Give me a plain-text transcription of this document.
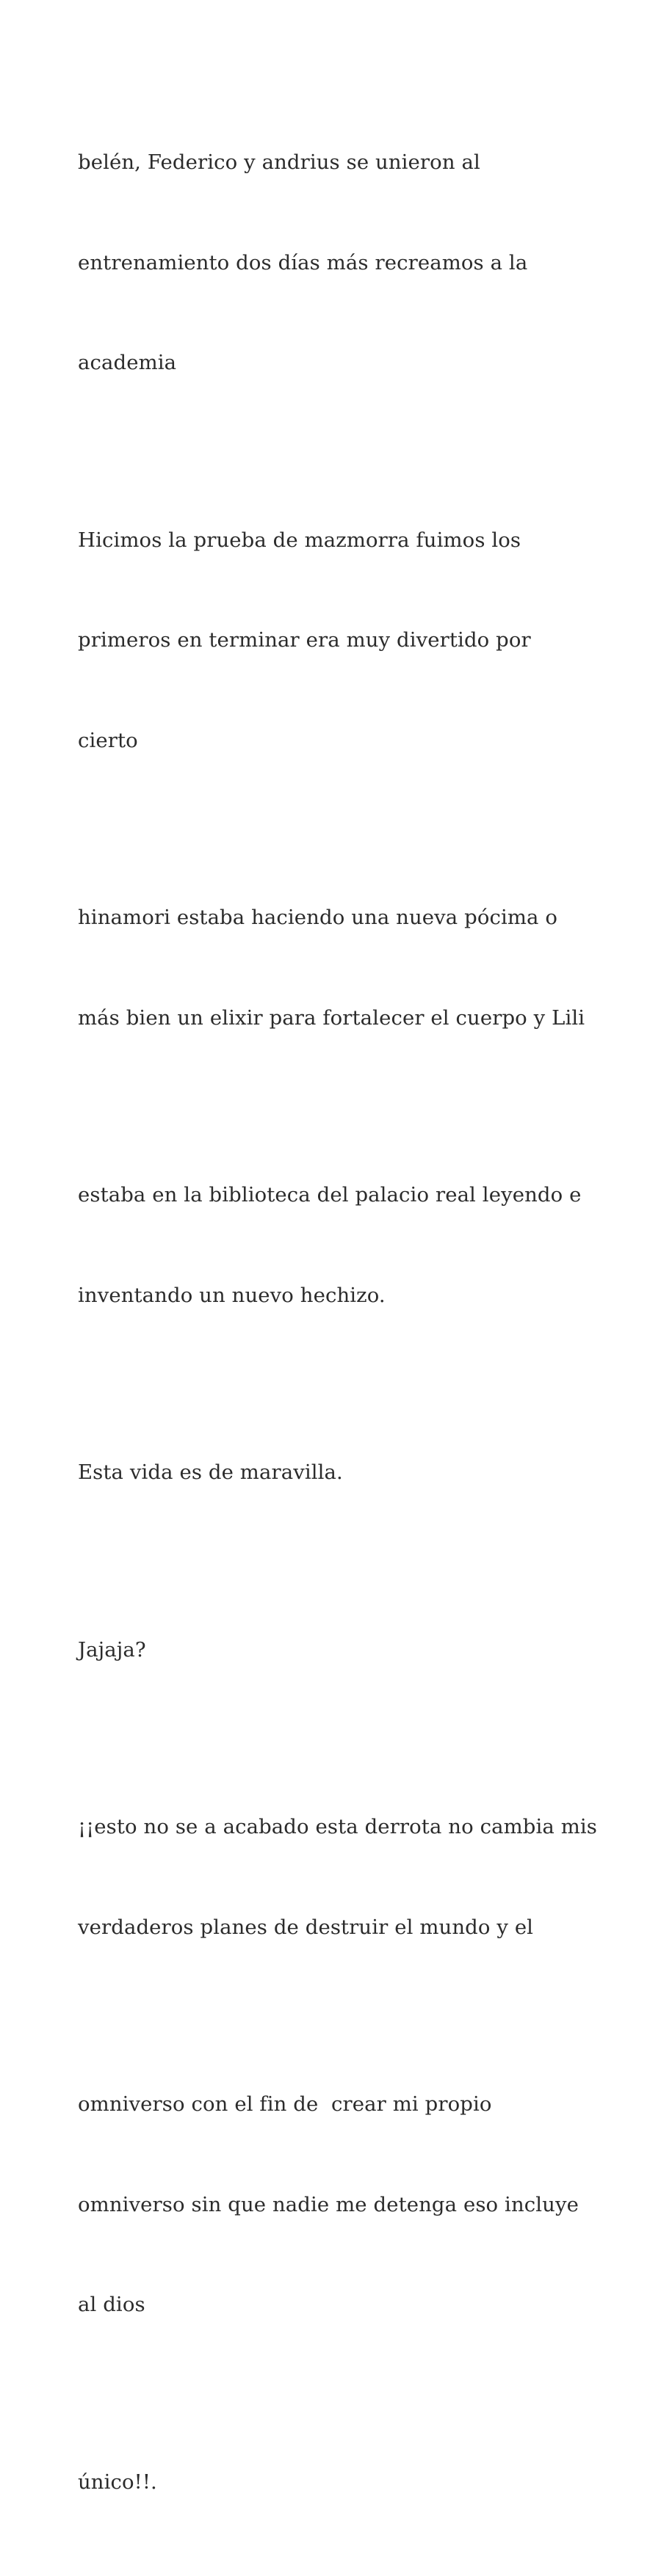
belén, Federico y andrius se unieron al

entrenamiento dos días más recreamos a la

academia

Hicimos la prueba de mazmorra fuimos los

primeros en terminar era muy divertido por

cierto

hinamori estaba haciendo una nueva pócima o

más bien un elixir para fortalecer el cuerpo y Lili

estaba en la biblioteca del palacio real leyendo e

inventando un nuevo hechizo.

Esta vida es de maravilla.

Jajaja?

¡¡esto no se a acabado esta derrota no cambia mis

verdaderos planes de destruir el mundo y el

omniverso con el fin de  crear mi propio

omniverso sin que nadie me detenga eso incluye

al dios

único!!.
